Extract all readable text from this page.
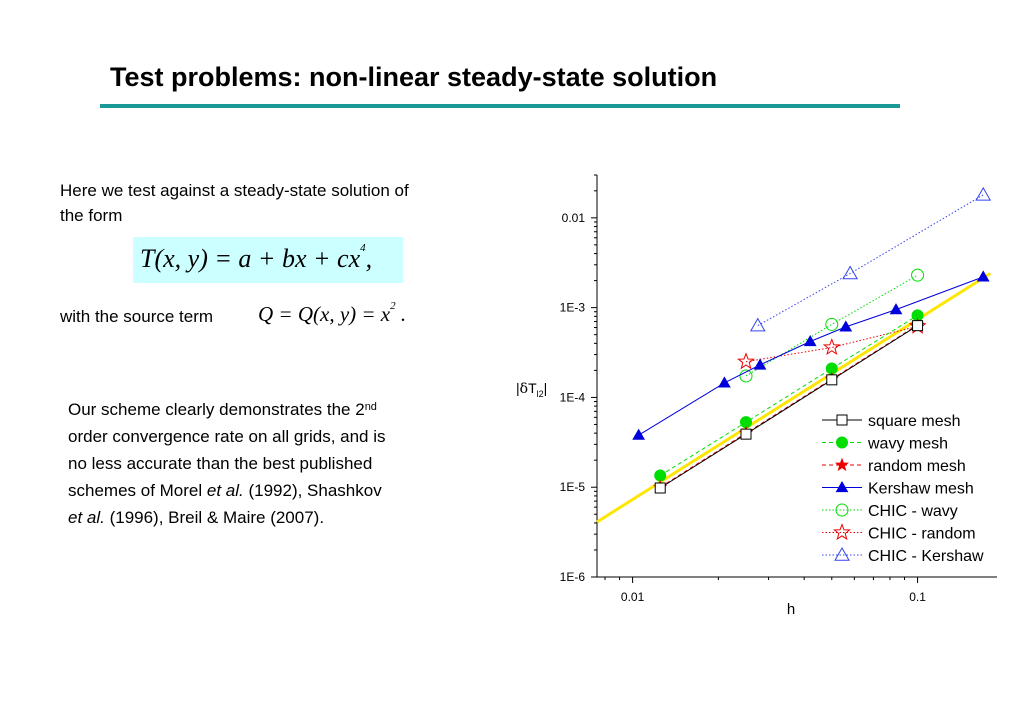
Test problems: non-linear steady-state solution
Here we test against a steady-state solution of
the form
T(x, y) = a + bx + $cx^4$,
with the source term Q = Q(x, $y) = x^2$ .
Our scheme clearly demonstrates the 2nd
order convergence rate on all grids, and is
no less accurate than the best published
schemes of Morel et al. (1992), Shashkov
et al. (1996), Breil & Maire (2007).
0.01
1E-3
1E-4
1E-5
1E-6
0.01	0.1
square mesh
wavy mesh
random mesh
Kershaw mesh
CHIC - wavy
CHIC - random
CHIC - Kershaw
h
$|\delta T_{l2}|$
